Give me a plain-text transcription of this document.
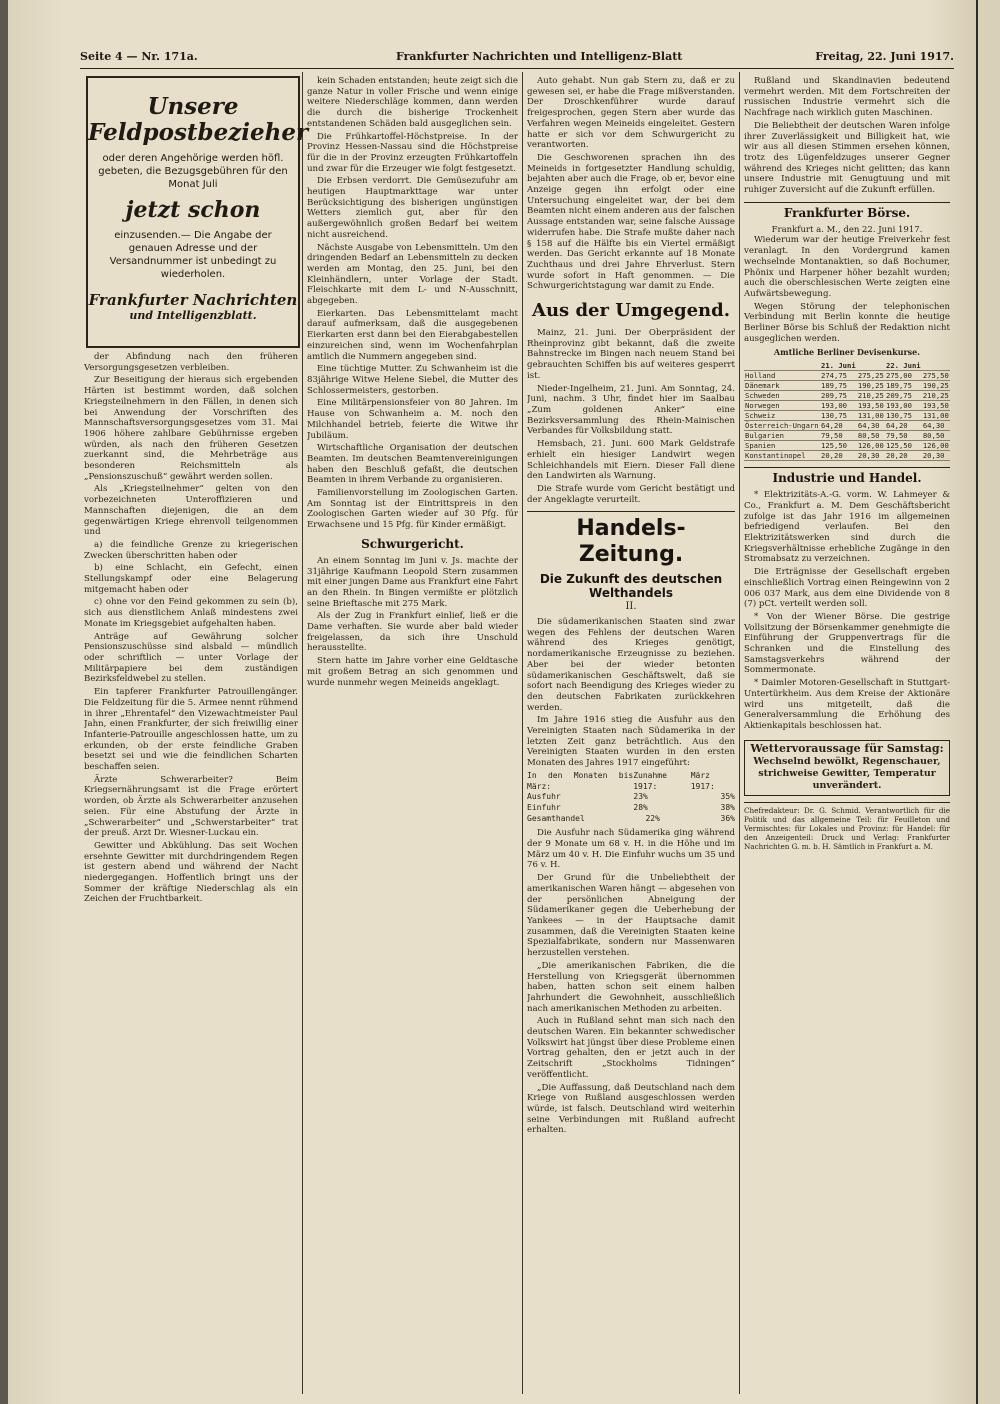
Seite 4 — Nr. 171a.	Frankfurter Nachrichten und Intelligenz-Blatt	Freitag, 22. Juni 1917.
Unsere Feldpostbezieher
oder deren Angehörige werden höfl. gebeten, die Bezugsgebühren für den Monat Juli
jetzt schon
einzusenden.— Die Angabe der genauen Adresse und der Versandnummer ist unbedingt zu wiederholen.
Frankfurter Nachrichten
und Intelligenzblatt.

der Abfindung nach den früheren Versorgungsgesetzen verbleiben.

Zur Beseitigung der hieraus sich ergebenden Härten ist bestimmt worden, daß solchen Kriegsteilnehmern in den Fällen, in denen sich bei Anwendung der Vorschriften des Mannschaftsversorgungsgesetzes vom 31. Mai 1906 höhere zahlbare Gebührnisse ergeben würden, als nach den früheren Gesetzen zuerkannt sind, die Mehrbeträge aus besonderen Reichsmitteln als „Pensionszuschuß“ gewährt werden sollen.

Als „Kriegsteilnehmer“ gelten von den vorbezeichneten Unteroffizieren und Mannschaften diejenigen, die an dem gegenwärtigen Kriege ehrenvoll teilgenommen und

a) die feindliche Grenze zu kriegerischen Zwecken überschritten haben oder

b) eine Schlacht, ein Gefecht, einen Stellungskampf oder eine Belagerung mitgemacht haben oder

c) ohne vor den Feind gekommen zu sein (b), sich aus dienstlichem Anlaß mindestens zwei Monate im Kriegsgebiet aufgehalten haben.

Anträge auf Gewährung solcher Pensionszuschüsse sind alsbald — mündlich oder schriftlich — unter Vorlage der Militärpapiere bei dem zuständigen Bezirksfeldwebel zu stellen.

Ein tapferer Frankfurter Patrouillengänger. Die Feldzeitung für die 5. Armee nennt rühmend in ihrer „Ehrentafel“ den Vizewachtmeister Paul Jahn, einen Frankfurter, der sich freiwillig einer Infanterie-Patrouille angeschlossen hatte, um zu erkunden, ob der erste feindliche Graben besetzt sei und wie die feindlichen Scharten beschaffen seien.

Ärzte Schwerarbeiter? Beim Kriegsernährungsamt ist die Frage erörtert worden, ob Ärzte als Schwerarbeiter anzusehen seien. Für eine Abstufung der Ärzte in „Schwerarbeiter“ und „Schwerstarbeiter“ trat der preuß. Arzt Dr. Wiesner-Luckau ein.

Gewitter und Abkühlung. Das seit Wochen ersehnte Gewitter mit durchdringendem Regen ist gestern abend und während der Nacht niedergegangen. Hoffentlich bringt uns der Sommer der kräftige Niederschlag als ein Zeichen der Fruchtbarkeit.

kein Schaden entstanden; heute zeigt sich die ganze Natur in voller Frische und wenn einige weitere Niederschläge kommen, dann werden die durch die bisherige Trockenheit entstandenen Schäden bald ausgeglichen sein.

Die Frühkartoffel-Höchstpreise. In der Provinz Hessen-Nassau sind die Höchstpreise für die in der Provinz erzeugten Frühkartoffeln und zwar für die Erzeuger wie folgt festgesetzt.

Die Erbsen verdorrt. Die Gemüsezufuhr am heutigen Hauptmarkttage war unter Berücksichtigung des bisherigen ungünstigen Wetters ziemlich gut, aber für den außergewöhnlich großen Bedarf bei weitem nicht ausreichend.

Nächste Ausgabe von Lebensmitteln. Um den dringenden Bedarf an Lebensmitteln zu decken werden am Montag, den 25. Juni, bei den Kleinhändlern, unter Vorlage der Stadt. Fleischkarte mit dem L- und N-Ausschnitt, abgegeben.

Eierkarten. Das Lebensmittelamt macht darauf aufmerksam, daß die ausgegebenen Eierkarten erst dann bei den Eierabgabestellen einzureichen sind, wenn im Wochenfahrplan amtlich die Nummern angegeben sind.

Eine tüchtige Mutter. Zu Schwanheim ist die 83jährige Witwe Helene Siebel, die Mutter des Schlossermeisters, gestorben.

Eine Militärpensionsfeier von 80 Jahren. Im Hause von Schwanheim a. M. noch den Milchhandel betrieb, feierte die Witwe ihr Jubiläum.

Wirtschaftliche Organisation der deutschen Beamten. Im deutschen Beamtenvereinigungen haben den Beschluß gefaßt, die deutschen Beamten in ihrem Verbande zu organisieren.

Familienvorstellung im Zoologischen Garten. Am Sonntag ist der Eintrittspreis in den Zoologischen Garten wieder auf 30 Pfg. für Erwachsene und 15 Pfg. für Kinder ermäßigt.

Schwurgericht.

An einem Sonntag im Juni v. Js. machte der 31jährige Kaufmann Leopold Stern zusammen mit einer jungen Dame aus Frankfurt eine Fahrt an den Rhein. In Bingen vermißte er plötzlich seine Brieftasche mit 275 Mark.

Als der Zug in Frankfurt einlief, ließ er die Dame verhaften. Sie wurde aber bald wieder freigelassen, da sich ihre Unschuld herausstellte.

Stern hatte im Jahre vorher eine Geldtasche mit großem Betrag an sich genommen und wurde nunmehr wegen Meineids angeklagt.

Auto gehabt. Nun gab Stern zu, daß er zu gewesen sei, er habe die Frage mißverstanden. Der Droschkenführer wurde darauf freigesprochen, gegen Stern aber wurde das Verfahren wegen Meineids eingeleitet. Gestern hatte er sich vor dem Schwurgericht zu verantworten.

Die Geschworenen sprachen ihn des Meineids in fortgesetzter Handlung schuldig, bejahten aber auch die Frage, ob er, bevor eine Anzeige gegen ihn erfolgt oder eine Untersuchung eingeleitet war, der bei dem Beamten nicht einem anderen aus der falschen Aussage entstanden war, seine falsche Aussage widerrufen habe. Die Strafe mußte daher nach § 158 auf die Hälfte bis ein Viertel ermäßigt werden. Das Gericht erkannte auf 18 Monate Zuchthaus und drei Jahre Ehrverlust. Stern wurde sofort in Haft genommen. — Die Schwurgerichtstagung war damit zu Ende.

Aus der Umgegend.

Mainz, 21. Juni. Der Oberpräsident der Rheinprovinz gibt bekannt, daß die zweite Bahnstrecke im Bingen nach neuem Stand bei gebrauchten Schiffen bis auf weiteres gesperrt ist.

Nieder-Ingelheim, 21. Juni. Am Sonntag, 24. Juni, nachm. 3 Uhr, findet hier im Saalbau „Zum goldenen Anker“ eine Bezirksversammlung des Rhein-Mainischen Verbandes für Volksbildung statt.

Hemsbach, 21. Juni. 600 Mark Geldstrafe erhielt ein hiesiger Landwirt wegen Schleichhandels mit Eiern. Dieser Fall diene den Landwirten als Warnung.

Die Strafe wurde vom Gericht bestätigt und der Angeklagte verurteilt.

Handels-Zeitung.
Die Zukunft des deutschen Welthandels
II.

Die südamerikanischen Staaten sind zwar wegen des Fehlens der deutschen Waren während des Krieges genötigt, nordamerikanische Erzeugnisse zu beziehen. Aber bei der wieder betonten südamerikanischen Geschäftswelt, daß sie sofort nach Beendigung des Krieges wieder zu den deutschen Fabrikaten zurückkehren werden.

Im Jahre 1916 stieg die Ausfuhr aus den Vereinigten Staaten nach Südamerika in der letzten Zeit ganz beträchtlich. Aus den Vereinigten Staaten wurden in den ersten Monaten des Jahres 1917 eingeführt:

In den Monaten bis März:
Zunahme 1917:
März 1917:
Ausfuhr	23%	35%
Einfuhr	28%	38%
Gesamthandel	22%	36%

Die Ausfuhr nach Südamerika ging während der 9 Monate um 68 v. H. in die Höhe und im März um 40 v. H. Die Einfuhr wuchs um 35 und 76 v. H.

Der Grund für die Unbeliebtheit der amerikanischen Waren hängt — abgesehen von der persönlichen Abneigung der Südamerikaner gegen die Ueberhebung der Yankees — in der Hauptsache damit zusammen, daß die Vereinigten Staaten keine Spezialfabrikate, sondern nur Massenwaren herzustellen verstehen.

„Die amerikanischen Fabriken, die die Herstellung von Kriegsgerät übernommen haben, hatten schon seit einem halben Jahrhundert die Gewohnheit, ausschließlich nach amerikanischen Methoden zu arbeiten.

Auch in Rußland sehnt man sich nach den deutschen Waren. Ein bekannter schwedischer Volkswirt hat jüngst über diese Probleme einen Vortrag gehalten, den er jetzt auch in der Zeitschrift „Stockholms Tidningen“ veröffentlicht.

„Die Auffassung, daß Deutschland nach dem Kriege von Rußland ausgeschlossen werden würde, ist falsch. Deutschland wird weiterhin seine Verbindungen mit Rußland aufrecht erhalten.

Rußland und Skandinavien bedeutend vermehrt werden. Mit dem Fortschreiten der russischen Industrie vermehrt sich die Nachfrage nach wirklich guten Maschinen.

Die Beliebtheit der deutschen Waren infolge ihrer Zuverlässigkeit und Billigkeit hat, wie wir aus all diesen Stimmen ersehen können, trotz des Lügenfeldzuges unserer Gegner während des Krieges nicht gelitten; das kann unsere Industrie mit Genugtuung und mit ruhiger Zuversicht auf die Zukunft erfüllen.

Frankfurter Börse.
Frankfurt a. M., den 22. Juni 1917.

Wiederum war der heutige Freiverkehr fest veranlagt. In den Vordergrund kamen wechselnde Montanaktien, so daß Bochumer, Phönix und Harpener höher bezahlt wurden; auch die oberschlesischen Werte zeigten eine Aufwärtsbewegung.

Wegen Störung der telephonischen Verbindung mit Berlin konnte die heutige Berliner Börse bis Schluß der Redaktion nicht ausgeglichen werden.

Amtliche Berliner Devisenkurse.
	21. Juni		22. Juni	
Holland	274,75	275,25	275,00	275,50
Dänemark	189,75	190,25	189,75	190,25
Schweden	209,75	210,25	209,75	210,25
Norwegen	193,00	193,50	193,00	193,50
Schweiz	130,75	131,00	130,75	131,00
Österreich-Ungarn	64,20	64,30	64,20	64,30
Bulgarien	79,50	80,50	79,50	80,50
Spanien	125,50	126,00	125,50	126,00
Konstantinopel	20,20	20,30	20,20	20,30
Industrie und Handel.

* Elektrizitäts-A.-G. vorm. W. Lahmeyer & Co., Frankfurt a. M. Dem Geschäftsbericht zufolge ist das Jahr 1916 im allgemeinen befriedigend verlaufen. Bei den Elektrizitätswerken sind durch die Kriegsverhältnisse erhebliche Zugänge in den Stromabsatz zu verzeichnen.

Die Erträgnisse der Gesellschaft ergeben einschließlich Vortrag einen Reingewinn von 2 006 037 Mark, aus dem eine Dividende von 8 (7) pCt. verteilt werden soll.

* Von der Wiener Börse. Die gestrige Vollsitzung der Börsenkammer genehmigte die Einführung der Gruppenvertrags für die Schranken und die Einstellung des Samstagsverkehrs während der Sommermonate.

* Daimler Motoren-Gesellschaft in Stuttgart-Untertürkheim. Aus dem Kreise der Aktionäre wird uns mitgeteilt, daß die Generalversammlung die Erhöhung des Aktienkapitals beschlossen hat.

Wettervoraussage für Samstag:
Wechselnd bewölkt, Regenschauer, strichweise Gewitter, Temperatur unverändert.
Chefredakteur: Dr. G. Schmid. Verantwortlich für die Politik und das allgemeine Teil: für Feuilleton und Vermischtes: für Lokales und Provinz: für Handel: für den Anzeigenteil: Druck und Verlag: Frankfurter Nachrichten G. m. b. H. Sämtlich in Frankfurt a. M.
